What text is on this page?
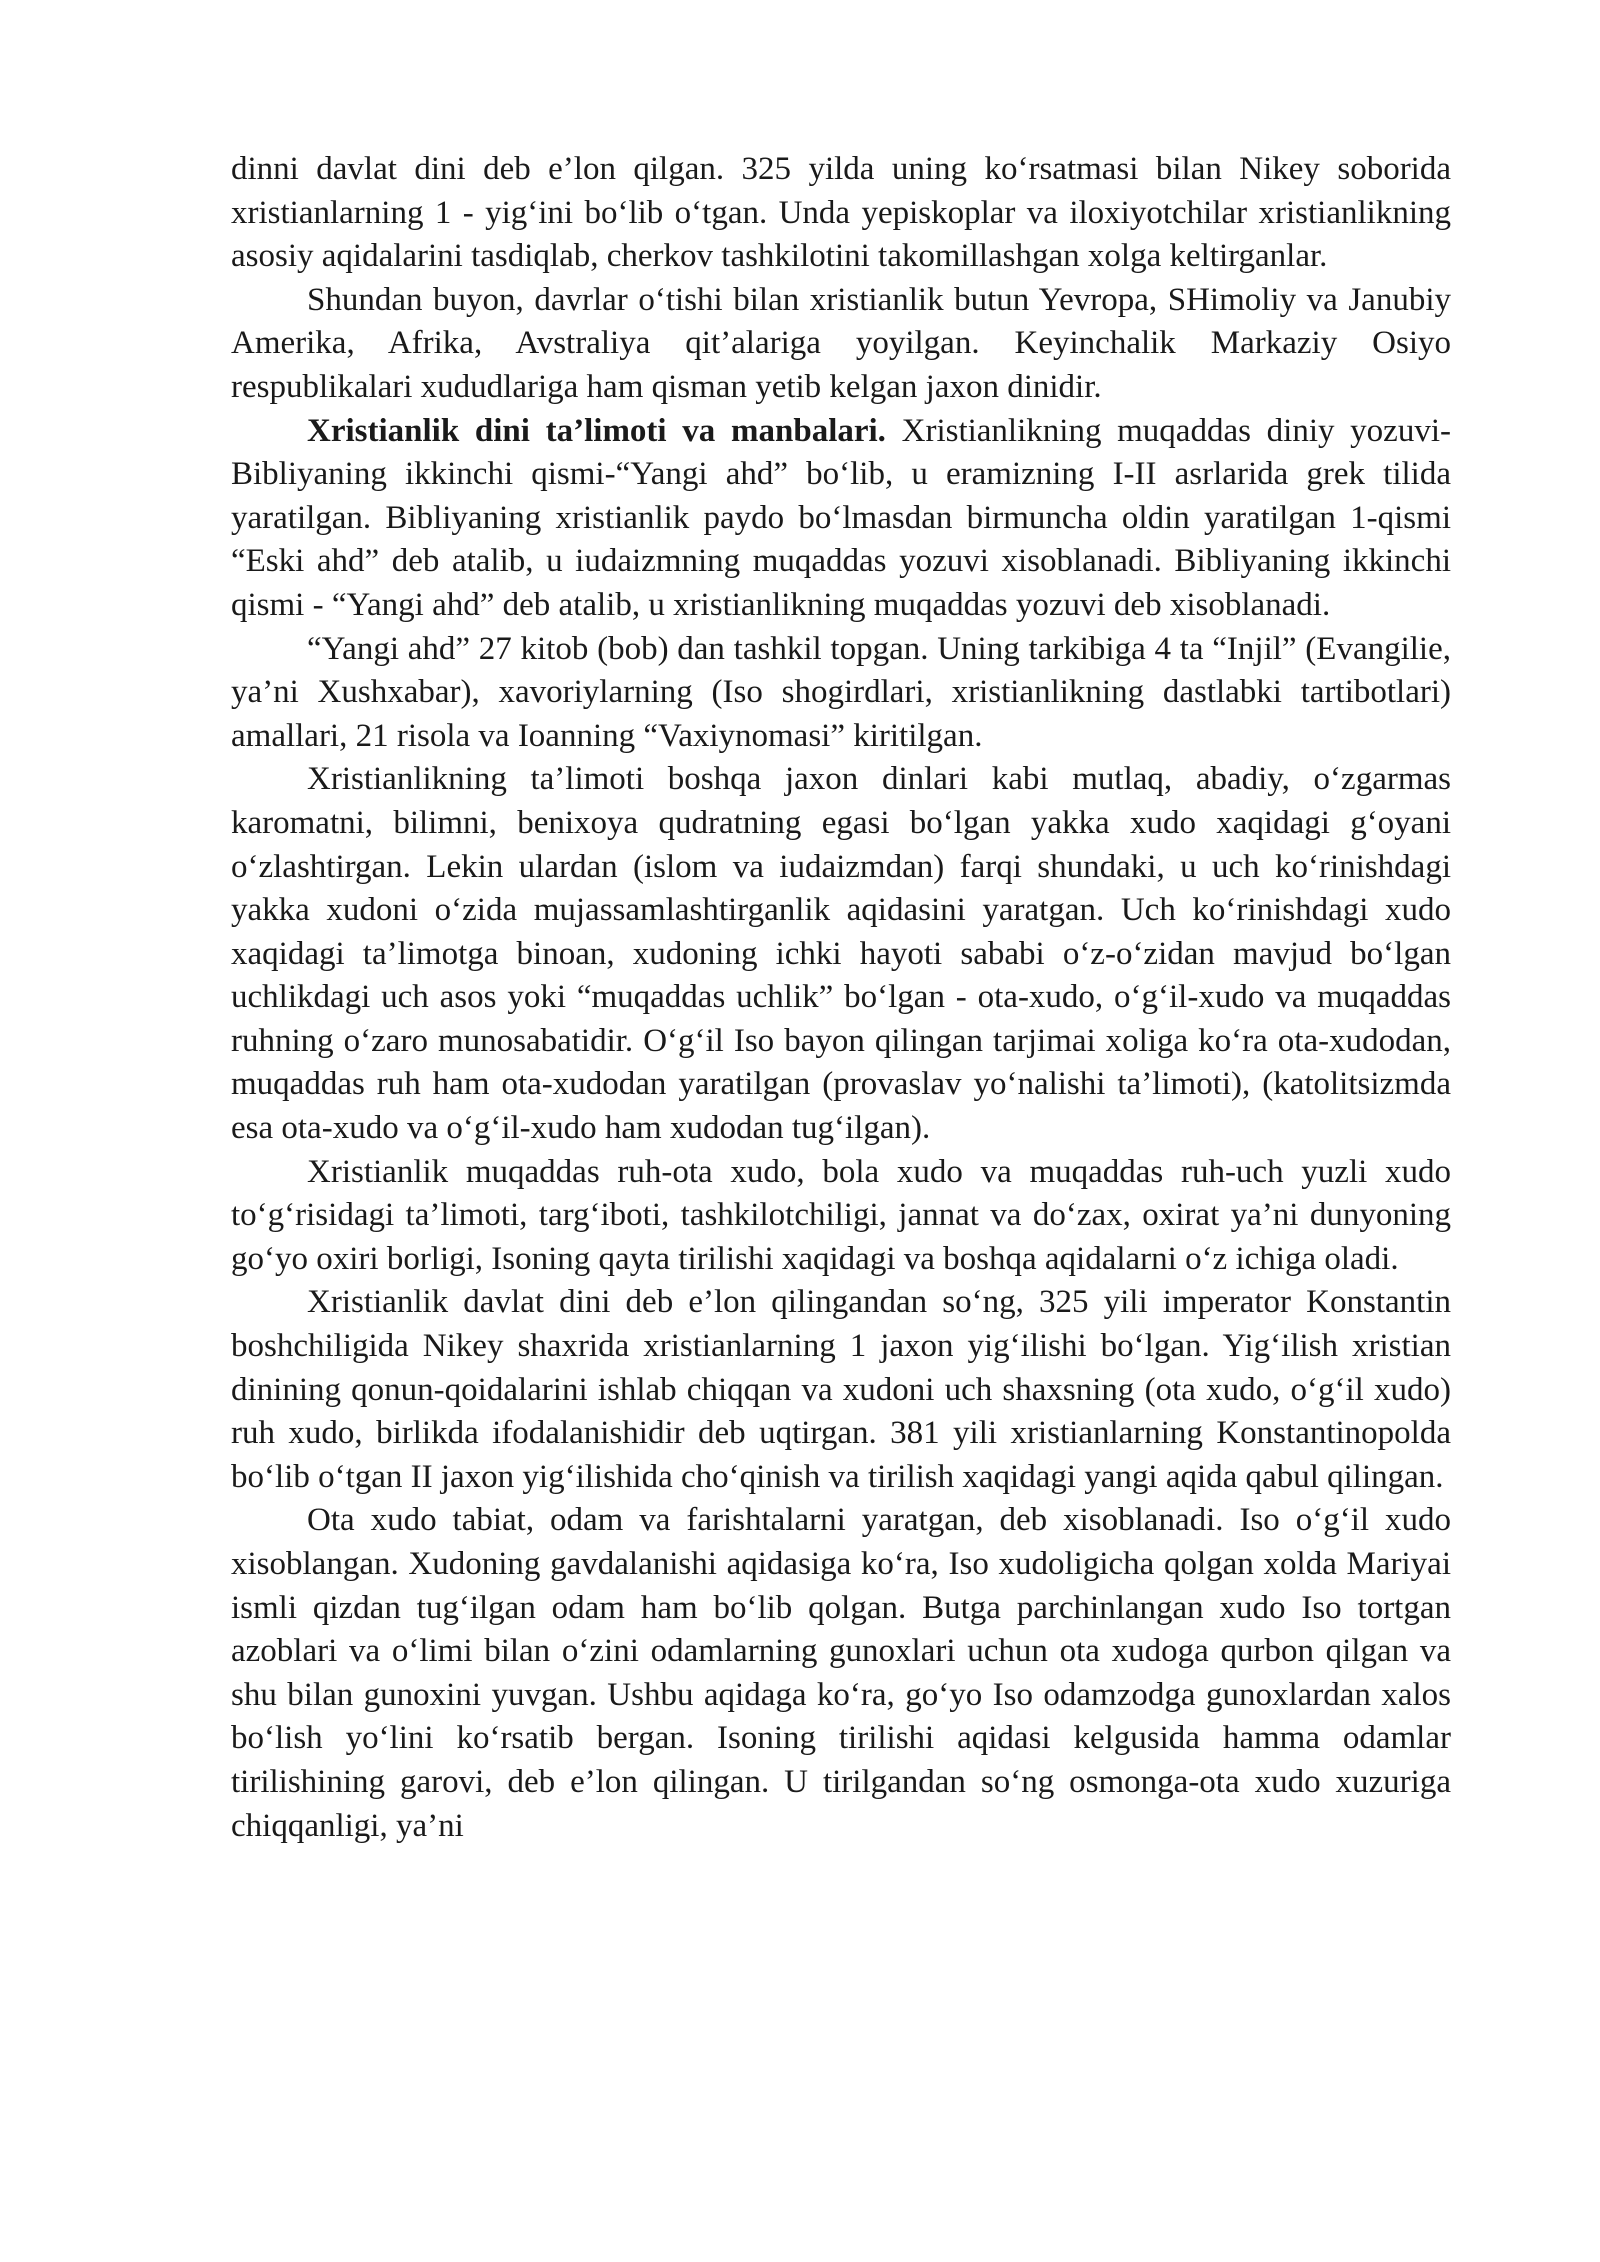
dinni davlat dini deb e’lon qilgan. 325 yilda uning ko‘rsatmasi bilan Nikey soborida xristianlarning 1 - yig‘ini bo‘lib o‘tgan. Unda yepiskoplar va iloxiyotchilar xristianlikning asosiy aqidalarini tasdiqlab, cherkov tashkilotini takomillashgan xolga keltirganlar.

Shundan buyon, davrlar o‘tishi bilan xristianlik butun Yevropa, SHimoliy va Janubiy Amerika, Afrika, Avstraliya qit’alariga yoyilgan. Keyinchalik Markaziy Osiyo respublikalari xududlariga ham qisman yetib kelgan jaxon dinidir.

Xristianlik dini ta’limoti va manbalari. Xristianlikning muqaddas diniy yozuvi-Bibliyaning ikkinchi qismi-“Yangi ahd” bo‘lib, u eramizning I-II asrlarida grek tilida yaratilgan. Bibliyaning xristianlik paydo bo‘lmasdan birmuncha oldin yaratilgan 1-qismi “Eski ahd” deb atalib, u iudaizmning muqaddas yozuvi xisoblanadi. Bibliyaning ikkinchi qismi - “Yangi ahd” deb atalib, u xristianlikning muqaddas yozuvi deb xisoblanadi.

“Yangi ahd” 27 kitob (bob) dan tashkil topgan. Uning tarkibiga 4 ta “Injil” (Evangilie, ya’ni Xushxabar), xavoriylarning (Iso shogirdlari, xristianlikning dastlabki tartibotlari) amallari, 21 risola va Ioanning “Vaxiynomasi” kiritilgan.

Xristianlikning ta’limoti boshqa jaxon dinlari kabi mutlaq, abadiy, o‘zgarmas karomatni, bilimni, benixoya qudratning egasi bo‘lgan yakka xudo xaqidagi g‘oyani o‘zlashtirgan. Lekin ulardan (islom va iudaizmdan) farqi shundaki, u uch ko‘rinishdagi yakka xudoni o‘zida mujassamlashtirganlik aqidasini yaratgan. Uch ko‘rinishdagi xudo xaqidagi ta’limotga binoan, xudoning ichki hayoti sababi o‘z-o‘zidan mavjud bo‘lgan uchlikdagi uch asos yoki “muqaddas uchlik” bo‘lgan - ota-xudo, o‘g‘il-xudo va muqaddas ruhning o‘zaro munosabatidir. O‘g‘il Iso bayon qilingan tarjimai xoliga ko‘ra ota-xudodan, muqaddas ruh ham ota-xudodan yaratilgan (provaslav yo‘nalishi ta’limoti), (katolitsizmda esa ota-xudo va o‘g‘il-xudo ham xudodan tug‘ilgan).

Xristianlik muqaddas ruh-ota xudo, bola xudo va muqaddas ruh-uch yuzli xudo to‘g‘risidagi ta’limoti, targ‘iboti, tashkilotchiligi, jannat va do‘zax, oxirat ya’ni dunyoning go‘yo oxiri borligi, Isoning qayta tirilishi xaqidagi va boshqa aqidalarni o‘z ichiga oladi.

Xristianlik davlat dini deb e’lon qilingandan so‘ng, 325 yili imperator Konstantin boshchiligida Nikey shaxrida xristianlarning 1 jaxon yig‘ilishi bo‘lgan. Yig‘ilish xristian dinining qonun-qoidalarini ishlab chiqqan va xudoni uch shaxsning (ota xudo, o‘g‘il xudo) ruh xudo, birlikda ifodalanishidir deb uqtirgan. 381 yili xristianlarning Konstantinopolda bo‘lib o‘tgan II jaxon yig‘ilishida cho‘qinish va tirilish xaqidagi yangi aqida qabul qilingan.

Ota xudo tabiat, odam va farishtalarni yaratgan, deb xisoblanadi. Iso o‘g‘il xudo xisoblangan. Xudoning gavdalanishi aqidasiga ko‘ra, Iso xudoligicha qolgan xolda Mariyai ismli qizdan tug‘ilgan odam ham bo‘lib qolgan. Butga parchinlangan xudo Iso tortgan azoblari va o‘limi bilan o‘zini odamlarning gunoxlari uchun ota xudoga qurbon qilgan va shu bilan gunoxini yuvgan. Ushbu aqidaga ko‘ra, go‘yo Iso odamzodga gunoxlardan xalos bo‘lish yo‘lini ko‘rsatib bergan. Isoning tirilishi aqidasi kelgusida hamma odamlar tirilishining garovi, deb e’lon qilingan. U tirilgandan so‘ng osmonga-ota xudo xuzuriga chiqqanligi, ya’ni
